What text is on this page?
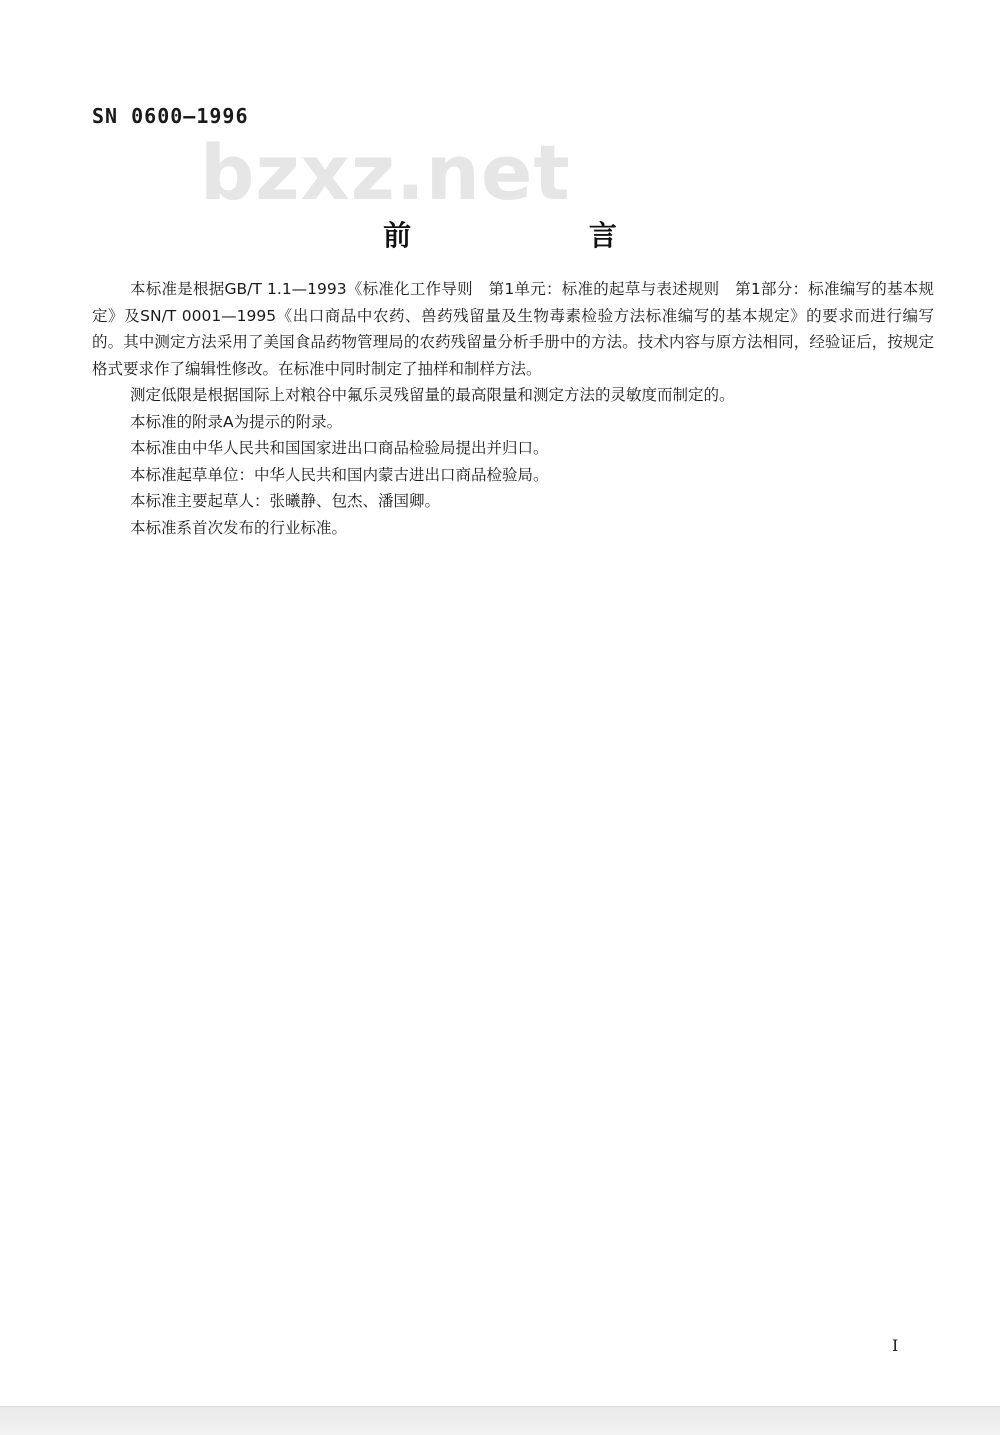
SN 0600—1996
bzxz.net
前 言

本标准是根据GB/T 1.1—1993《标准化工作导则　第1单元：标准的起草与表述规则　第1部分：标准编写的基本规定》及SN/T 0001—1995《出口商品中农药、兽药残留量及生物毒素检验方法标准编写的基本规定》的要求而进行编写的。其中测定方法采用了美国食品药物管理局的农药残留量分析手册中的方法。技术内容与原方法相同，经验证后，按规定格式要求作了编辑性修改。在标准中同时制定了抽样和制样方法。

测定低限是根据国际上对粮谷中氟乐灵残留量的最高限量和测定方法的灵敏度而制定的。

本标准的附录A为提示的附录。

本标准由中华人民共和国国家进出口商品检验局提出并归口。

本标准起草单位：中华人民共和国内蒙古进出口商品检验局。

本标准主要起草人：张曦静、包杰、潘国卿。

本标准系首次发布的行业标准。

I
